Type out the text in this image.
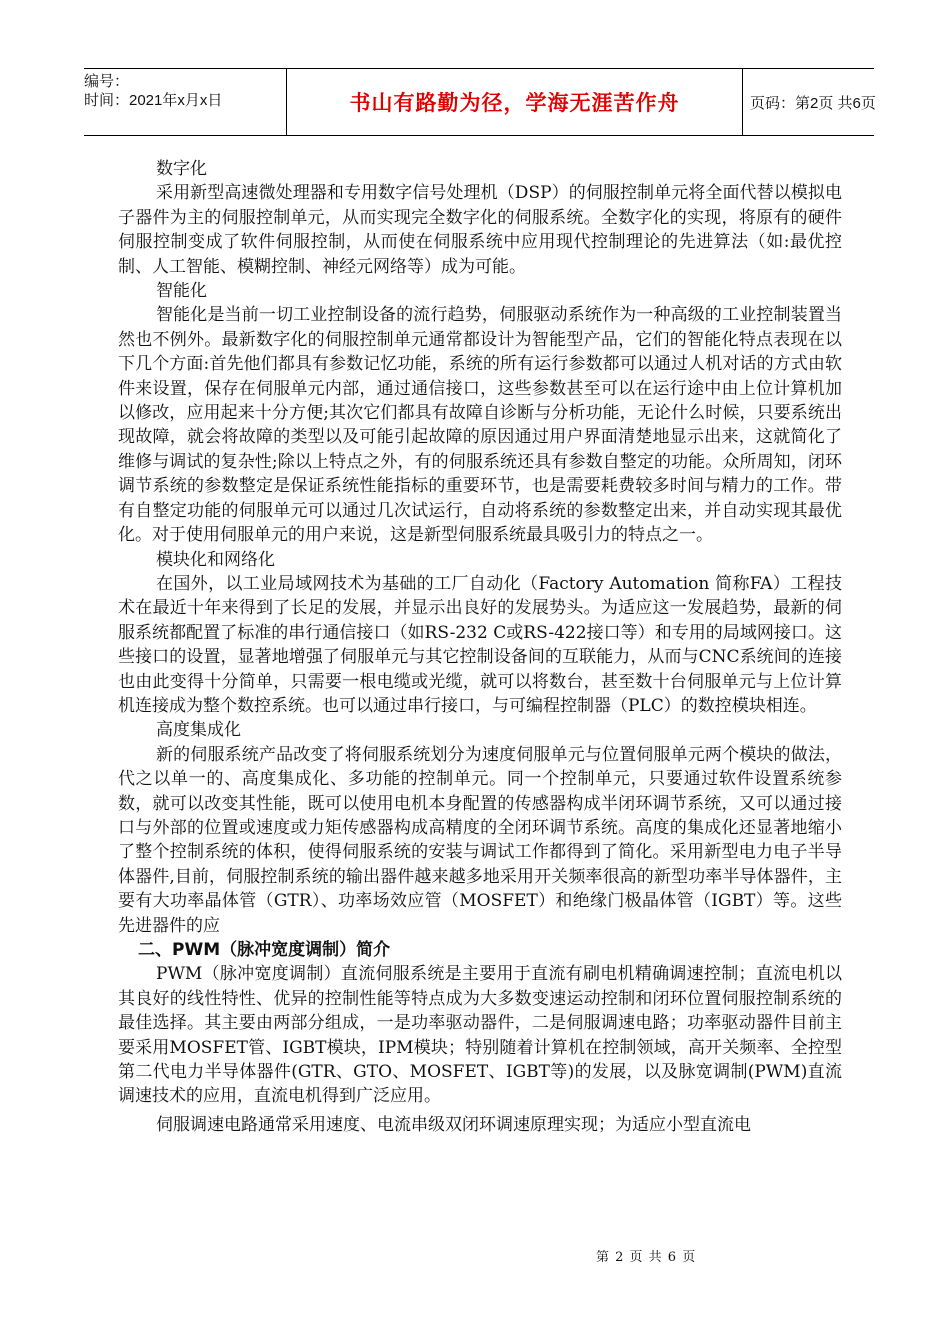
编号：
时间：2021年x月x日	书山有路勤为径，学海无涯苦作舟	页码：第2页 共6页

数字化

采用新型高速微处理器和专用数字信号处理机（DSP）的伺服控制单元将全面代替以模拟电子器件为主的伺服控制单元，从而实现完全数字化的伺服系统。全数字化的实现，将原有的硬件伺服控制变成了软件伺服控制，从而使在伺服系统中应用现代控制理论的先进算法（如:最优控制、人工智能、模糊控制、神经元网络等）成为可能。

智能化

智能化是当前一切工业控制设备的流行趋势，伺服驱动系统作为一种高级的工业控制装置当然也不例外。最新数字化的伺服控制单元通常都设计为智能型产品，它们的智能化特点表现在以下几个方面:首先他们都具有参数记忆功能，系统的所有运行参数都可以通过人机对话的方式由软件来设置，保存在伺服单元内部，通过通信接口，这些参数甚至可以在运行途中由上位计算机加以修改，应用起来十分方便;其次它们都具有故障自诊断与分析功能，无论什么时候，只要系统出现故障，就会将故障的类型以及可能引起故障的原因通过用户界面清楚地显示出来，这就简化了维修与调试的复杂性;除以上特点之外，有的伺服系统还具有参数自整定的功能。众所周知，闭环调节系统的参数整定是保证系统性能指标的重要环节，也是需要耗费较多时间与精力的工作。带有自整定功能的伺服单元可以通过几次试运行，自动将系统的参数整定出来，并自动实现其最优化。对于使用伺服单元的用户来说，这是新型伺服系统最具吸引力的特点之一。

模块化和网络化

在国外，以工业局域网技术为基础的工厂自动化（Factory Automation 简称FA）工程技术在最近十年来得到了长足的发展，并显示出良好的发展势头。为适应这一发展趋势，最新的伺服系统都配置了标准的串行通信接口（如RS-232 C或RS-422接口等）和专用的局域网接口。这些接口的设置，显著地增强了伺服单元与其它控制设备间的互联能力，从而与CNC系统间的连接也由此变得十分简单，只需要一根电缆或光缆，就可以将数台，甚至数十台伺服单元与上位计算机连接成为整个数控系统。也可以通过串行接口，与可编程控制器（PLC）的数控模块相连。

高度集成化

新的伺服系统产品改变了将伺服系统划分为速度伺服单元与位置伺服单元两个模块的做法，代之以单一的、高度集成化、多功能的控制单元。同一个控制单元，只要通过软件设置系统参数，就可以改变其性能，既可以使用电机本身配置的传感器构成半闭环调节系统，又可以通过接口与外部的位置或速度或力矩传感器构成高精度的全闭环调节系统。高度的集成化还显著地缩小了整个控制系统的体积，使得伺服系统的安装与调试工作都得到了简化。采用新型电力电子半导体器件,目前，伺服控制系统的输出器件越来越多地采用开关频率很高的新型功率半导体器件，主要有大功率晶体管（GTR）、功率场效应管（MOSFET）和绝缘门极晶体管（IGBT）等。这些先进器件的应

二、PWM（脉冲宽度调制）简介

PWM（脉冲宽度调制）直流伺服系统是主要用于直流有刷电机精确调速控制；直流电机以其良好的线性特性、优异的控制性能等特点成为大多数变速运动控制和闭环位置伺服控制系统的最佳选择。其主要由两部分组成，一是功率驱动器件，二是伺服调速电路；功率驱动器件目前主要采用MOSFET管、IGBT模块，IPM模块；特别随着计算机在控制领域，高开关频率、全控型第二代电力半导体器件(GTR、GTO、MOSFET、IGBT等)的发展，以及脉宽调制(PWM)直流调速技术的应用，直流电机得到广泛应用。

伺服调速电路通常采用速度、电流串级双闭环调速原理实现；为适应小型直流电

第 2 页 共 6 页
